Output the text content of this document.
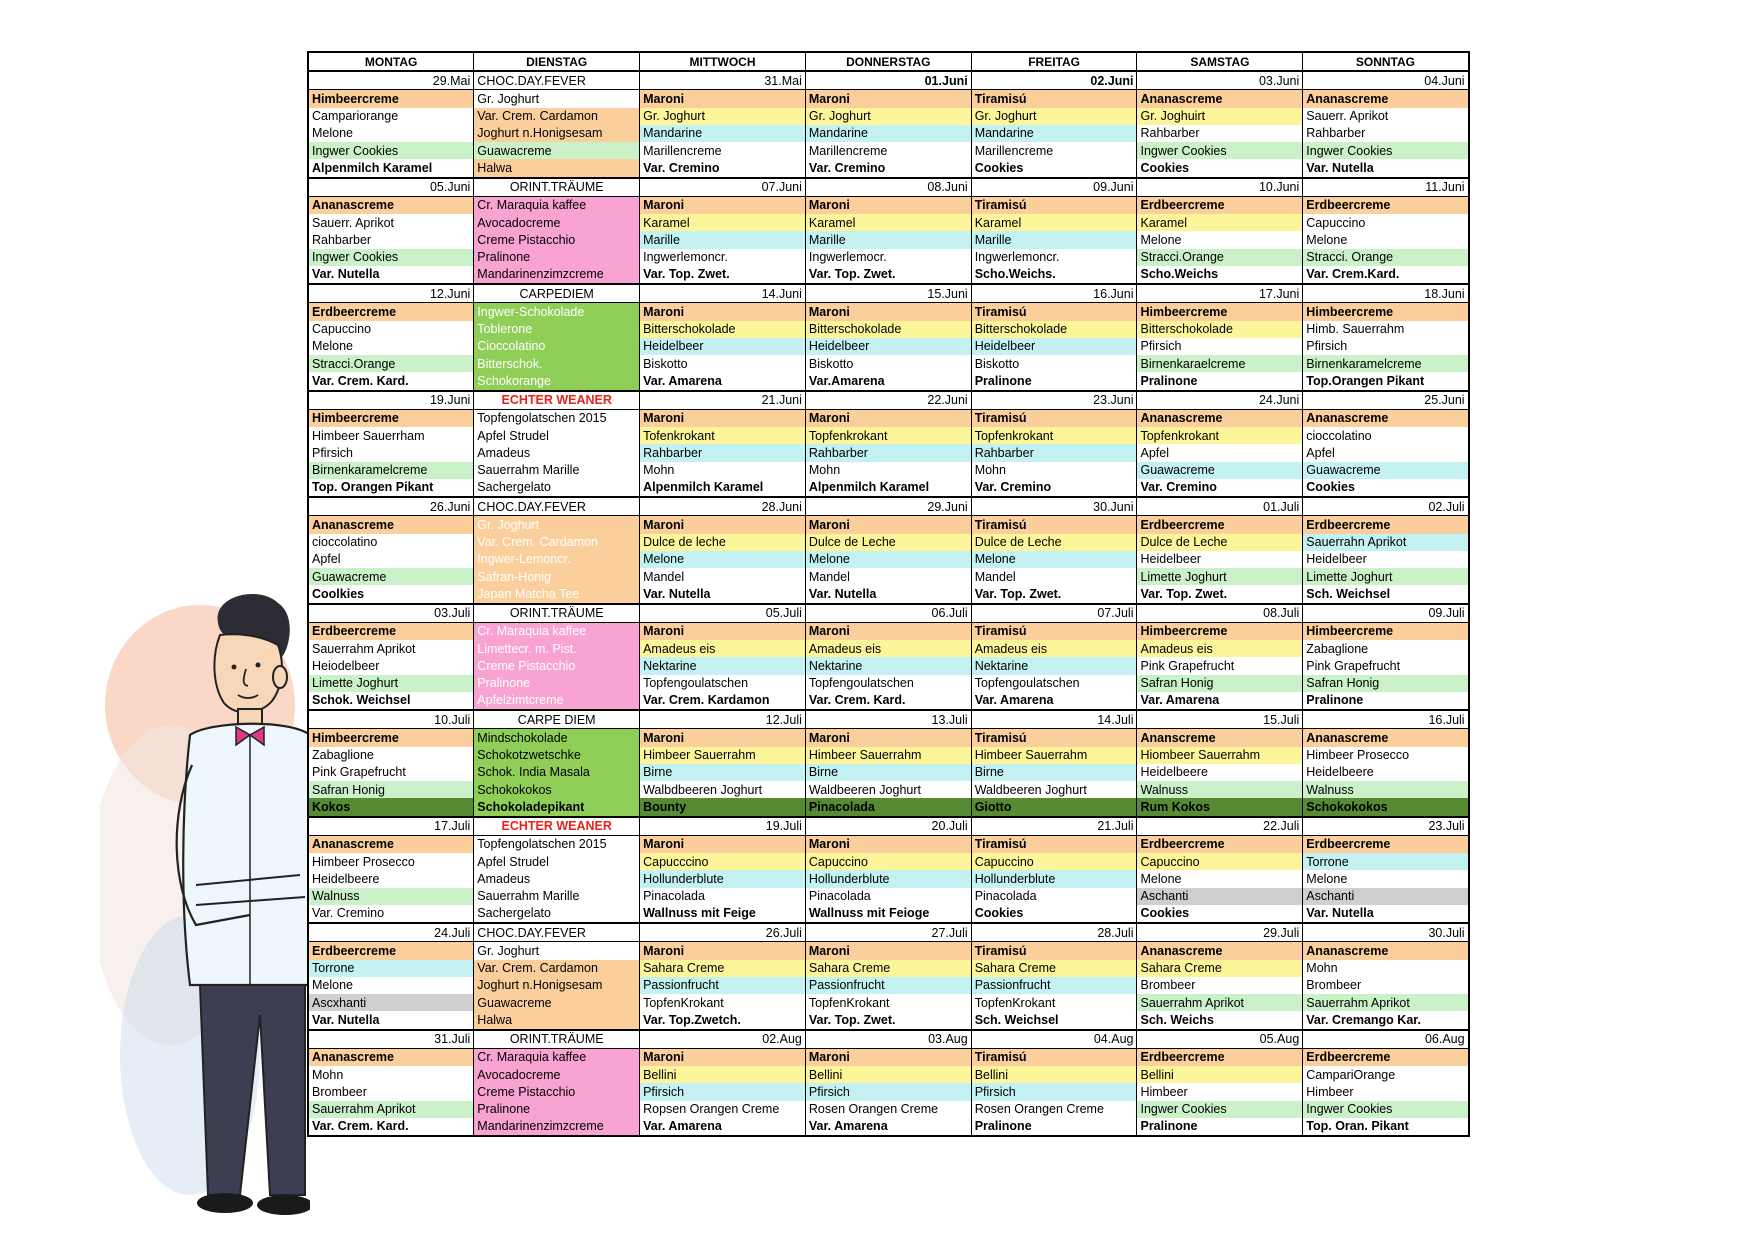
MONTAG	DIENSTAG	MITTWOCH	DONNERSTAG	FREITAG	SAMSTAG	SONNTAG
29.Mai	CHOC.DAY.FEVER	31.Mai	01.Juni	02.Juni	03.Juni	04.Juni
Himbeercreme	Gr. Joghurt	Maroni	Maroni	Tiramisú	Ananascreme	Ananascreme
Campariorange	Var. Crem. Cardamon	Gr. Joghurt	Gr. Joghurt	Gr. Joghurt	Gr. Joghuirt	Sauerr. Aprikot
Melone	Joghurt n.Honigsesam	Mandarine	Mandarine	Mandarine	Rahbarber	Rahbarber
Ingwer Cookies	Guawacreme	Marillencreme	Marillencreme	Marillencreme	Ingwer Cookies	Ingwer Cookies
Alpenmilch Karamel	Halwa	Var. Cremino	Var. Cremino	Cookies	Cookies	Var. Nutella
05.Juni	ORINT.TRÄUME	07.Juni	08.Juni	09.Juni	10.Juni	11.Juni
Ananascreme	Cr. Maraquia kaffee	Maroni	Maroni	Tiramisú	Erdbeercreme	Erdbeercreme
Sauerr. Aprikot	Avocadocreme	Karamel	Karamel	Karamel	Karamel	Capuccino
Rahbarber	Creme Pistacchio	Marille	Marille	Marille	Melone	Melone
Ingwer Cookies	Pralinone	Ingwerlemoncr.	Ingwerlemocr.	Ingwerlemoncr.	Stracci.Orange	Stracci. Orange
Var. Nutella	Mandarinenzimzcreme	Var. Top. Zwet.	Var. Top. Zwet.	Scho.Weichs.	Scho.Weichs	Var. Crem.Kard.
12.Juni	CARPEDIEM	14.Juni	15.Juni	16.Juni	17.Juni	18.Juni
Erdbeercreme	Ingwer-Schokolade	Maroni	Maroni	Tiramisú	Himbeercreme	Himbeercreme
Capuccino	Toblerone	Bitterschokolade	Bitterschokolade	Bitterschokolade	Bitterschokolade	Himb. Sauerrahm
Melone	Cioccolatino	Heidelbeer	Heidelbeer	Heidelbeer	Pfirsich	Pfirsich
Stracci.Orange	Bitterschok.	Biskotto	Biskotto	Biskotto	Birnenkaraelcreme	Birnenkaramelcreme
Var. Crem. Kard.	Schokorange	Var. Amarena	Var.Amarena	Pralinone	Pralinone	Top.Orangen Pikant
19.Juni	ECHTER WEANER	21.Juni	22.Juni	23.Juni	24.Juni	25.Juni
Himbeercreme	Topfengolatschen 2015	Maroni	Maroni	Tiramisú	Ananascreme	Ananascreme
Himbeer Sauerrham	Apfel Strudel	Tofenkrokant	Topfenkrokant	Topfenkrokant	Topfenkrokant	cioccolatino
Pfirsich	Amadeus	Rahbarber	Rahbarber	Rahbarber	Apfel	Apfel
Birnenkaramelcreme	Sauerrahm Marille	Mohn	Mohn	Mohn	Guawacreme	Guawacreme
Top. Orangen Pikant	Sachergelato	Alpenmilch Karamel	Alpenmilch Karamel	Var. Cremino	Var. Cremino	Cookies
26.Juni	CHOC.DAY.FEVER	28.Juni	29.Juni	30.Juni	01.Juli	02.Juli
Ananascreme	Gr. Joghurt	Maroni	Maroni	Tiramisú	Erdbeercreme	Erdbeercreme
cioccolatino	Var. Crem. Cardamon	Dulce de leche	Dulce de Leche	Dulce de Leche	Dulce de Leche	Sauerrahn Aprikot
Apfel	Ingwer-Lemoncr.	Melone	Melone	Melone	Heidelbeer	Heidelbeer
Guawacreme	Safran-Honig	Mandel	Mandel	Mandel	Limette Joghurt	Limette Joghurt
Coolkies	Japan Matcha Tee	Var. Nutella	Var. Nutella	Var. Top. Zwet.	Var. Top. Zwet.	Sch. Weichsel
03.Juli	ORINT.TRÄUME	05.Juli	06.Juli	07.Juli	08.Juli	09.Juli
Erdbeercreme	Cr. Maraquia kaffee	Maroni	Maroni	Tiramisú	Himbeercreme	Himbeercreme
Sauerrahm Aprikot	Limettecr. m. Pist.	Amadeus eis	Amadeus eis	Amadeus eis	Amadeus eis	Zabaglione
Heiodelbeer	Creme Pistacchio	Nektarine	Nektarine	Nektarine	Pink Grapefrucht	Pink Grapefrucht
Limette Joghurt	Pralinone	Topfengoulatschen	Topfengoulatschen	Topfengoulatschen	Safran Honig	Safran Honig
Schok. Weichsel	Apfelzimtcreme	Var. Crem. Kardamon	Var. Crem. Kard.	Var. Amarena	Var. Amarena	Pralinone
10.Juli	CARPE DIEM	12.Juli	13.Juli	14.Juli	15.Juli	16.Juli
Himbeercreme	Mindschokolade	Maroni	Maroni	Tiramisú	Ananscreme	Ananascreme
Zabaglione	Schokotzwetschke	Himbeer Sauerrahm	Himbeer Sauerrahm	Himbeer Sauerrahm	Hiombeer Sauerrahm	Himbeer Prosecco
Pink Grapefrucht	Schok. India Masala	Birne	Birne	Birne	Heidelbeere	Heidelbeere
Safran Honig	Schokokokos	Walbdbeeren Joghurt	Waldbeeren Joghurt	Waldbeeren Joghurt	Walnuss	Walnuss
Kokos	Schokoladepikant	Bounty	Pinacolada	Giotto	Rum Kokos	Schokokokos
17.Juli	ECHTER WEANER	19.Juli	20.Juli	21.Juli	22.Juli	23.Juli
Ananascreme	Topfengolatschen 2015	Maroni	Maroni	Tiramisú	Erdbeercreme	Erdbeercreme
Himbeer Prosecco	Apfel Strudel	Capucccino	Capuccino	Capuccino	Capuccino	Torrone
Heidelbeere	Amadeus	Hollunderblute	Hollunderblute	Hollunderblute	Melone	Melone
Walnuss	Sauerrahm Marille	Pinacolada	Pinacolada	Pinacolada	Aschanti	Aschanti
Var. Cremino	Sachergelato	Wallnuss mit Feige	Wallnuss mit Feioge	Cookies	Cookies	Var. Nutella
24.Juli	CHOC.DAY.FEVER	26.Juli	27.Juli	28.Juli	29.Juli	30.Juli
Erdbeercreme	Gr. Joghurt	Maroni	Maroni	Tiramisú	Ananascreme	Ananascreme
Torrone	Var. Crem. Cardamon	Sahara Creme	Sahara Creme	Sahara Creme	Sahara Creme	Mohn
Melone	Joghurt n.Honigsesam	Passionfrucht	Passionfrucht	Passionfrucht	Brombeer	Brombeer
Ascxhanti	Guawacreme	TopfenKrokant	TopfenKrokant	TopfenKrokant	Sauerrahm Aprikot	Sauerrahm Aprikot
Var. Nutella	Halwa	Var. Top.Zwetch.	Var. Top. Zwet.	Sch. Weichsel	Sch. Weichs	Var. Cremango Kar.
31.Juli	ORINT.TRÄUME	02.Aug	03.Aug	04.Aug	05.Aug	06.Aug
Ananascreme	Cr. Maraquia kaffee	Maroni	Maroni	Tiramisú	Erdbeercreme	Erdbeercreme
Mohn	Avocadocreme	Bellini	Bellini	Bellini	Bellini	CampariOrange
Brombeer	Creme Pistacchio	Pfirsich	Pfirsich	Pfirsich	Himbeer	Himbeer
Sauerrahm Aprikot	Pralinone	Ropsen Orangen Creme	Rosen Orangen Creme	Rosen Orangen Creme	Ingwer Cookies	Ingwer Cookies
Var. Crem. Kard.	Mandarinenzimzcreme	Var. Amarena	Var. Amarena	Pralinone	Pralinone	Top. Oran. Pikant
